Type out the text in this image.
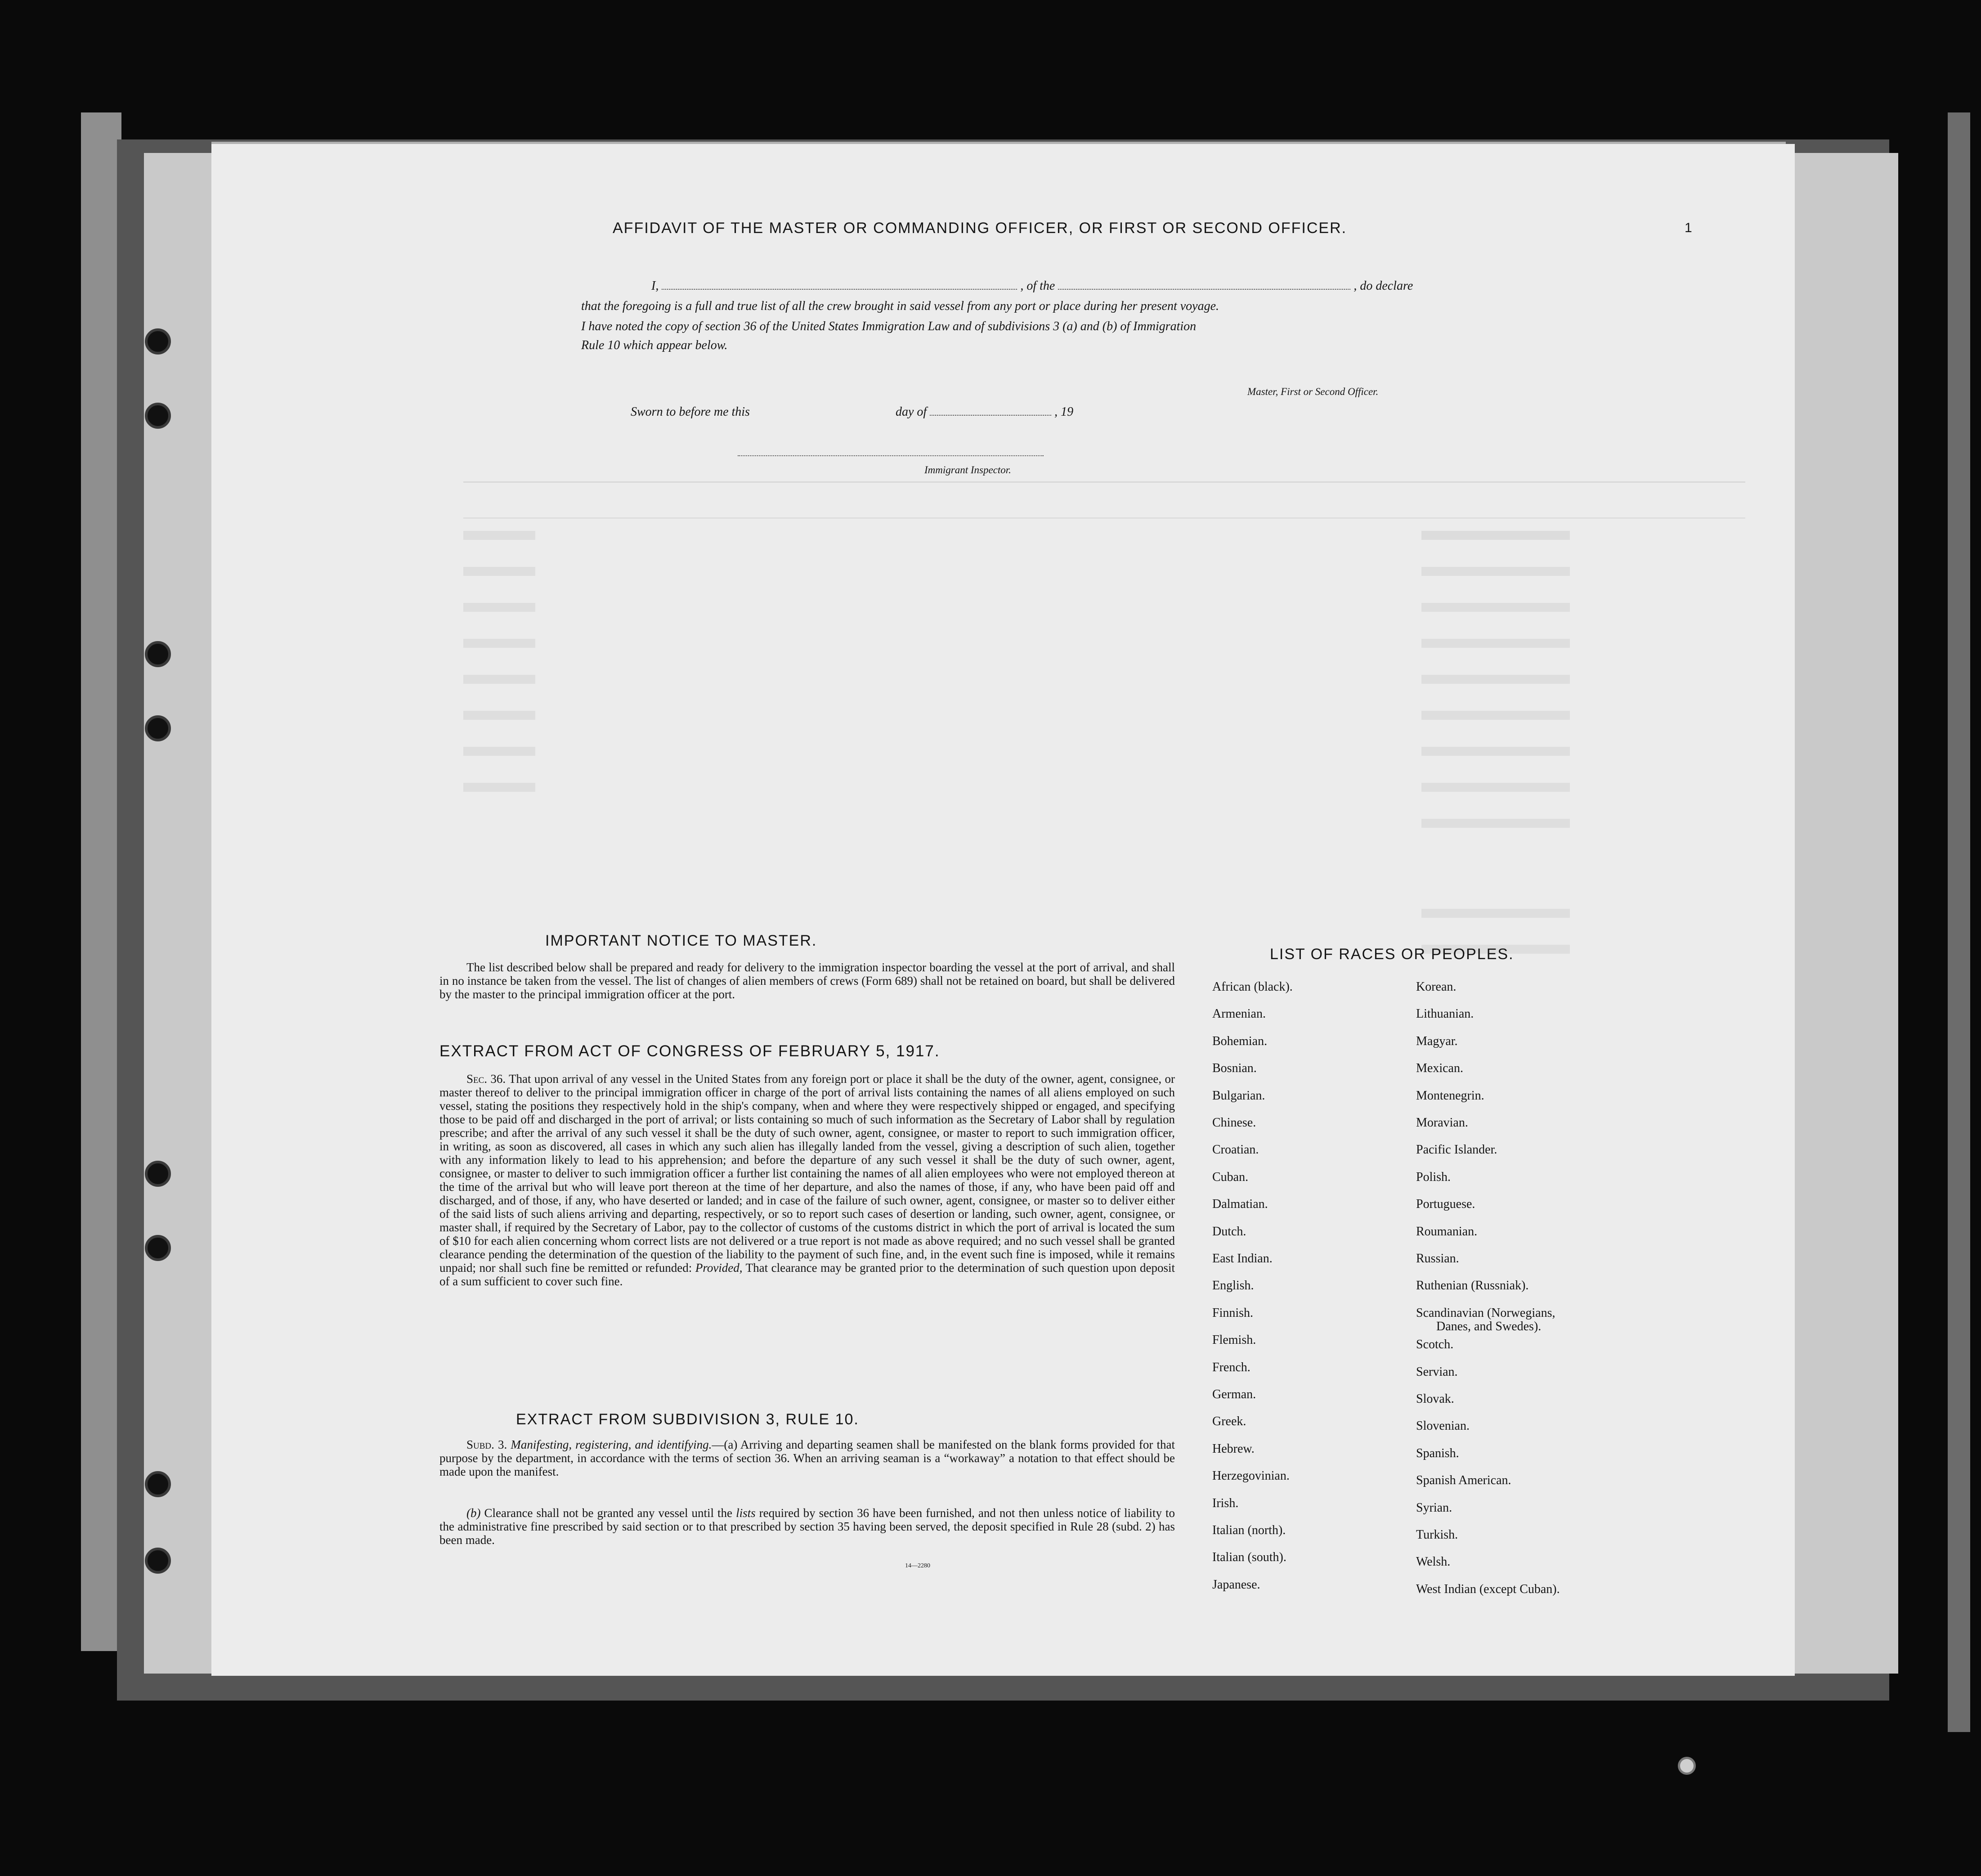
1
AFFIDAVIT OF THE MASTER OR COMMANDING OFFICER, OR FIRST OR SECOND OFFICER.
I,	, of the	, do declare
that the foregoing is a full and true list of all the crew brought in said vessel from any port or place during her present voyage.
I have noted the copy of section 36 of the United States Immigration Law and of subdivisions 3 (a) and (b) of Immigration
Rule 10 which appear below.
Master, First or Second Officer.
Sworn to before me this	day of	, 19
Immigrant Inspector.
IMPORTANT NOTICE TO MASTER.
The list described below shall be prepared and ready for delivery to the immigration inspector boarding the vessel at the port of arrival, and shall in no instance be taken from the vessel. The list of changes of alien members of crews (Form 689) shall not be retained on board, but shall be delivered by the master to the principal immigration officer at the port.
EXTRACT FROM ACT OF CONGRESS OF FEBRUARY 5, 1917.
Sec. 36. That upon arrival of any vessel in the United States from any foreign port or place it shall be the duty of the owner, agent, consignee, or master thereof to deliver to the principal immigration officer in charge of the port of arrival lists containing the names of all aliens employed on such vessel, stating the positions they respectively hold in the ship's company, when and where they were respectively shipped or engaged, and specifying those to be paid off and discharged in the port of arrival; or lists containing so much of such information as the Secretary of Labor shall by regulation prescribe; and after the arrival of any such vessel it shall be the duty of such owner, agent, consignee, or master to report to such immigration officer, in writing, as soon as discovered, all cases in which any such alien has illegally landed from the vessel, giving a description of such alien, together with any information likely to lead to his apprehension; and before the departure of any such vessel it shall be the duty of such owner, agent, consignee, or master to deliver to such immigration officer a further list containing the names of all alien employees who were not employed thereon at the time of the arrival but who will leave port thereon at the time of her departure, and also the names of those, if any, who have been paid off and discharged, and of those, if any, who have deserted or landed; and in case of the failure of such owner, agent, consignee, or master so to deliver either of the said lists of such aliens arriving and departing, respectively, or so to report such cases of desertion or landing, such owner, agent, consignee, or master shall, if required by the Secretary of Labor, pay to the collector of customs of the customs district in which the port of arrival is located the sum of $10 for each alien concerning whom correct lists are not delivered or a true report is not made as above required; and no such vessel shall be granted clearance pending the determination of the question of the liability to the payment of such fine, and, in the event such fine is imposed, while it remains unpaid; nor shall such fine be remitted or refunded: Provided, That clearance may be granted prior to the determination of such question upon deposit of a sum sufficient to cover such fine.
EXTRACT FROM SUBDIVISION 3, RULE 10.
Subd. 3. Manifesting, registering, and identifying.—(a) Arriving and departing seamen shall be manifested on the blank forms provided for that purpose by the department, in accordance with the terms of section 36. When an arriving seaman is a “workaway” a notation to that effect should be made upon the manifest.
(b) Clearance shall not be granted any vessel until the lists required by section 36 have been furnished, and not then unless notice of liability to the administrative fine prescribed by said section or to that prescribed by section 35 having been served, the deposit specified in Rule 28 (subd. 2) has been made.
14—2280
LIST OF RACES OR PEOPLES.
African (black).
Armenian.
Bohemian.
Bosnian.
Bulgarian.
Chinese.
Croatian.
Cuban.
Dalmatian.
Dutch.
East Indian.
English.
Finnish.
Flemish.
French.
German.
Greek.
Hebrew.
Herzegovinian.
Irish.
Italian (north).
Italian (south).
Japanese.
Korean.
Lithuanian.
Magyar.
Mexican.
Montenegrin.
Moravian.
Pacific Islander.
Polish.
Portuguese.
Roumanian.
Russian.
Ruthenian (Russniak).
Scandinavian (Norwegians,
Danes, and Swedes).
Scotch.
Servian.
Slovak.
Slovenian.
Spanish.
Spanish American.
Syrian.
Turkish.
Welsh.
West Indian (except Cuban).
